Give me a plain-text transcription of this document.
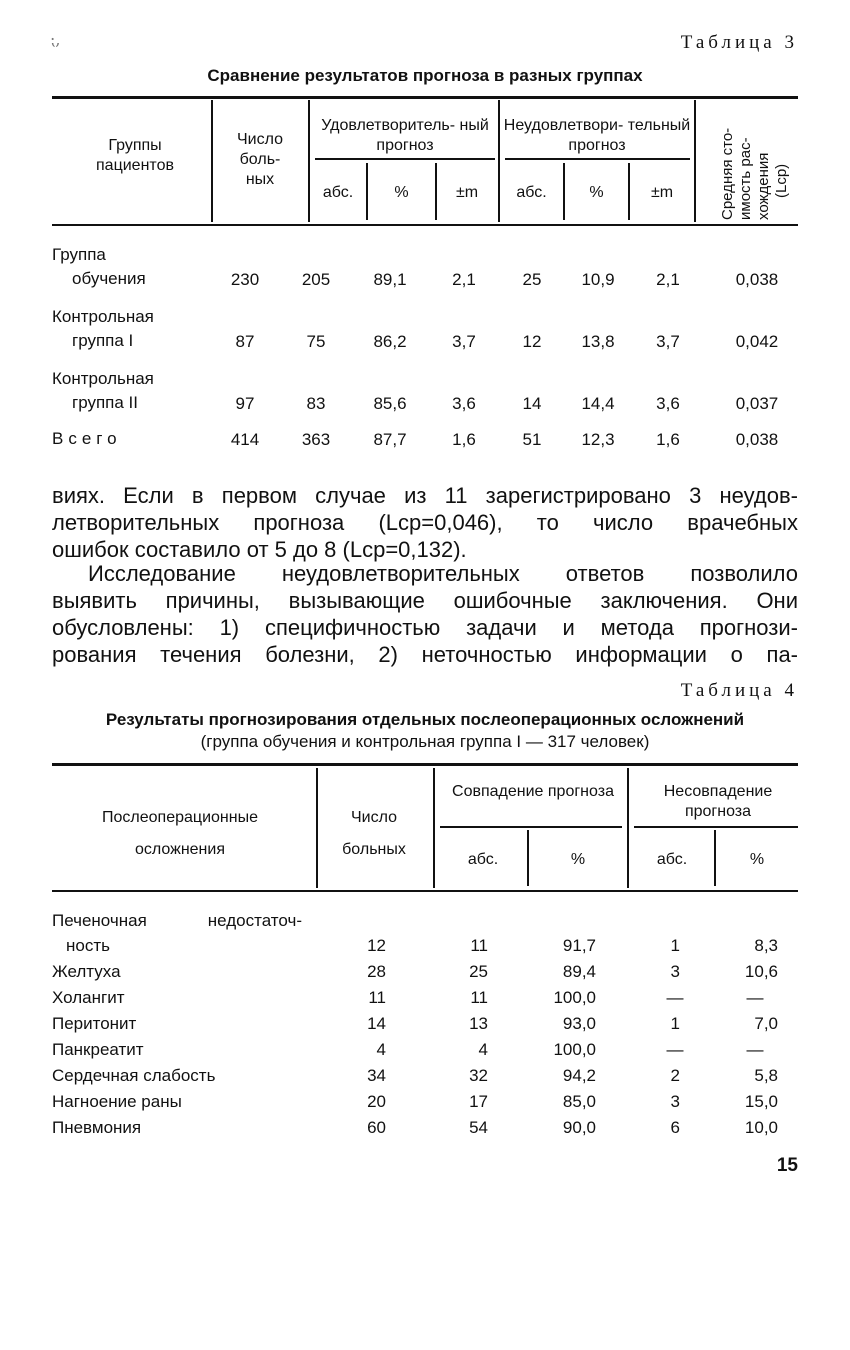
⁏,	Таблица 3
Сравнение результатов прогноза в разных группах
Группы пациентов
Число боль- ных
Удовлетворитель- ный прогноз
Неудовлетвори- тельный прогноз
абс.	%	±m	абс.	%	±m	Средняя сто- имость рас- хождения (Lср)
Группа
обучения	230	205	89,1	2,1	25	10,9	2,1	0,038
Контрольная
группа I	87	75	86,2	3,7	12	13,8	3,7	0,042
Контрольная
группа II	97	83	85,6	3,6	14	14,4	3,6	0,037
Всего	414	363	87,7	1,6	51	12,3	1,6	0,038
виях. Если в первом случае из 11 зарегистрировано 3 неудов-
летворительных прогноза (Lср=0,046), то число врачебных
ошибок составило от 5 до 8 (Lср=0,132).
Исследование неудовлетворительных ответов позволило
выявить причины, вызывающие ошибочные заключения. Они
обусловлены: 1) специфичностью задачи и метода прогнози-
рования течения болезни, 2) неточностью информации о па-
Таблица 4
Результаты прогнозирования отдельных послеоперационных осложнений
(группа обучения и контрольная группа I — 317 человек)
Послеоперационные осложнения
Число больных
Совпадение прогноза	Несовпадение прогноза
абс.	%	абс.	%
Печеночная недостаточ-
ность	12	11	91,7	1	8,3
Желтуха	28	25	89,4	3	10,6
Холангит	11	11	100,0	—	—
Перитонит	14	13	93,0	1	7,0
Панкреатит	4	4	100,0	—	—
Сердечная слабость	34	32	94,2	2	5,8
Нагноение раны	20	17	85,0	3	15,0
Пневмония	60	54	90,0	6	10,0
15
